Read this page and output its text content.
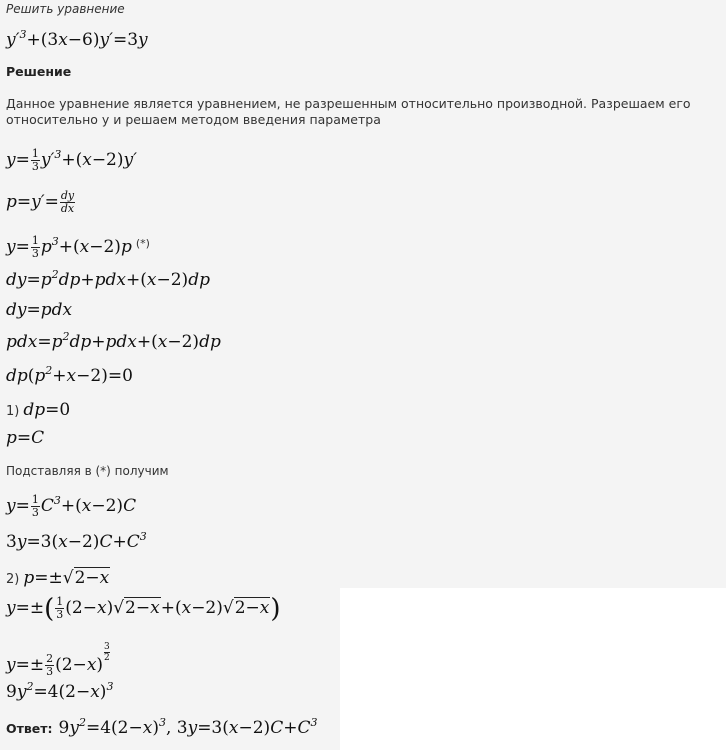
Решить уравнение
$y'^3+(3x-6)y'=3y$
Решение
Данное уравнение является уравнением, не разрешенным относительно производной. Разрешаем его относительно у и решаем методом введения параметра
$y= \frac{1}{3} y'^3+(x-2)y'$
$p=y'= \frac{dy}{dx}$
$y= \frac{1}{3} p^3+(x-2)p$ (*)
$dy=p^2dp+pdx+(x-2)dp$
dy=pdx
$pdx=p^2dp+pdx+(x-2)dp$
$dp(p^2+x-2)=0$
1) dp=0
p=C
Подставляя в (*) получим
$y= \frac{1}{3} C^3+(x-2)C$
$3y=3(x-2)C+C^3$
2) p=±√2−x
$y=\pm( \frac{1}{3} (2-x)√2-x+(x-2)√2-x)$
$y=\pm \frac{2}{3} (2-x)$
$\frac{3}{2}$
$9y^2=4(2-x)^3$
Ответ: $9y^2=4(2-x)^3$, $3y=3(x-2)C+C^3$
